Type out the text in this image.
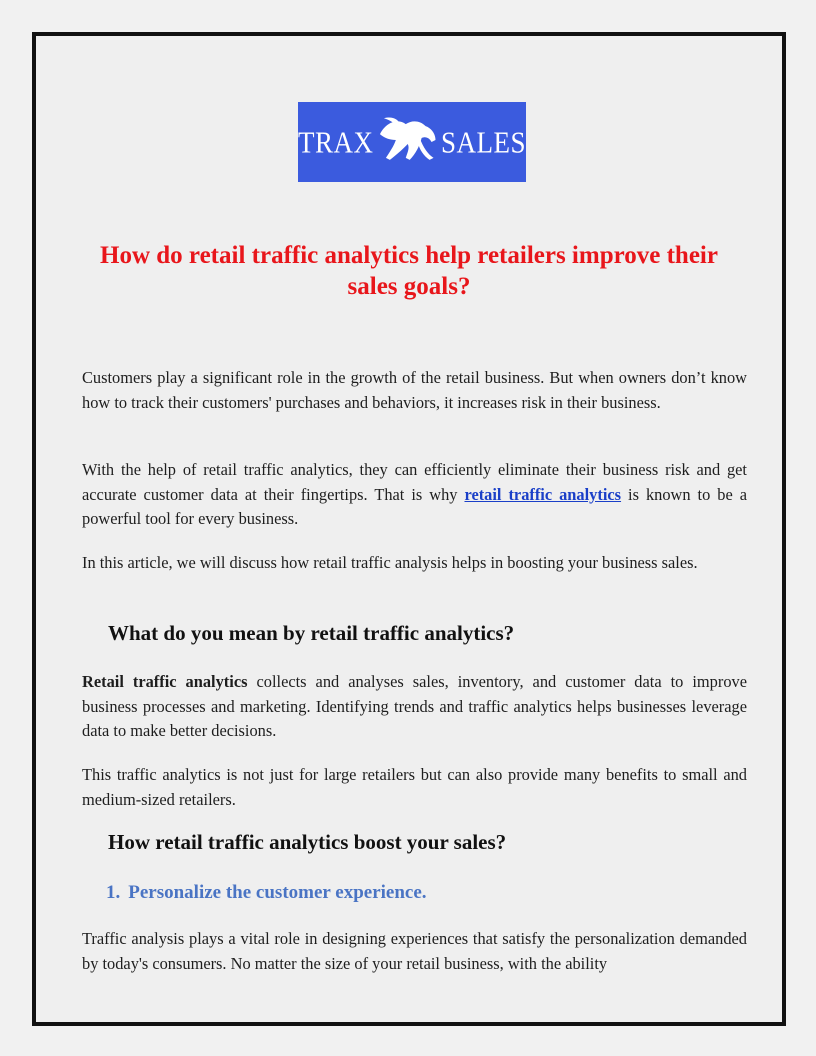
TRAX SALES
How do retail traffic analytics help retailers improve their sales goals?

Customers play a significant role in the growth of the retail business. But when owners don’t know how to track their customers' purchases and behaviors, it increases risk in their business.

With the help of retail traffic analytics, they can efficiently eliminate their business risk and get accurate customer data at their fingertips. That is why retail traffic analytics is known to be a powerful tool for every business.

In this article, we will discuss how retail traffic analysis helps in boosting your business sales.

What do you mean by retail traffic analytics?

Retail traffic analytics collects and analyses sales, inventory, and customer data to improve business processes and marketing. Identifying trends and traffic analytics helps businesses leverage data to make better decisions.

This traffic analytics is not just for large retailers but can also provide many benefits to small and medium-sized retailers.

How retail traffic analytics boost your sales?
1. Personalize the customer experience.

Traffic analysis plays a vital role in designing experiences that satisfy the personalization demanded by today's consumers. No matter the size of your retail business, with the ability
